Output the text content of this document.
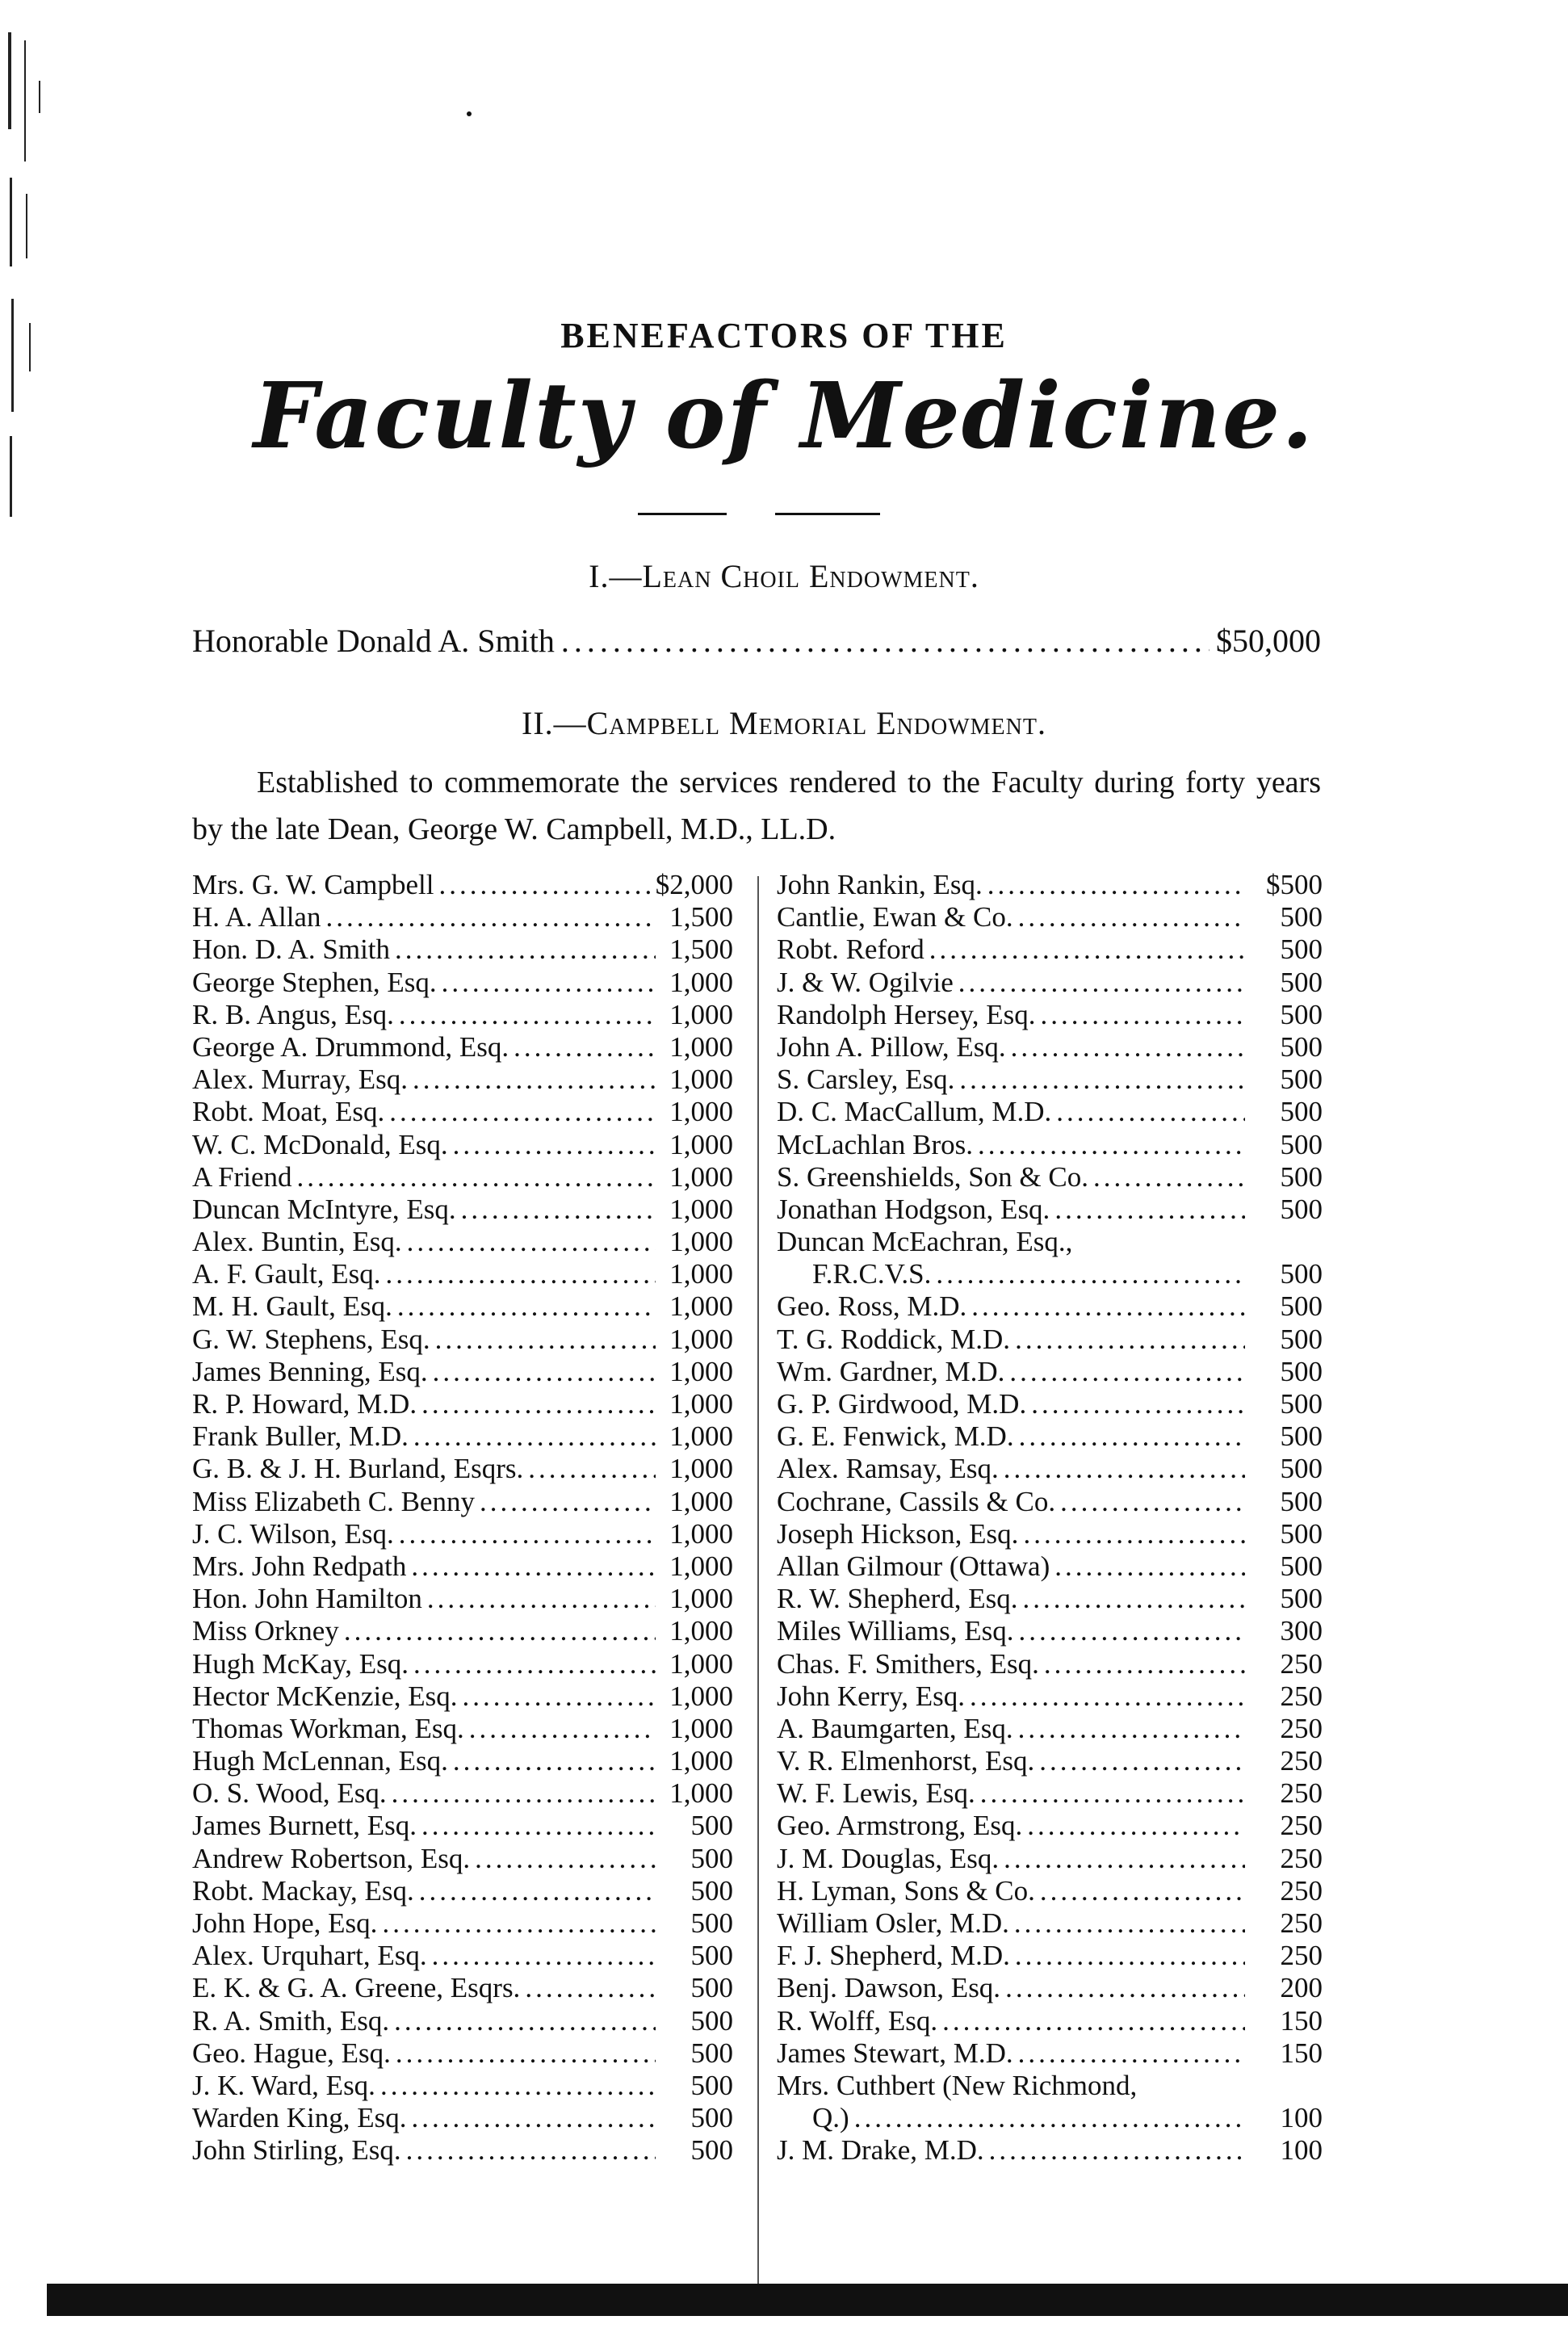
BENEFACTORS OF THE
Faculty of Medicine.
I.—Lean Choil Endowment.
Honorable Donald A. Smith .....	$50,000
II.—Campbell Memorial Endowment.
Established to commemorate the services rendered to the Faculty during forty years by the late Dean, George W. Campbell, M.D., LL.D.
Mrs. G. W. Campbell .....	$2,000
H. A. Allan .....	1,500
Hon. D. A. Smith .....	1,500
George Stephen, Esq. .....	1,000
R. B. Angus, Esq. .....	1,000
George A. Drummond, Esq. .....	1,000
Alex. Murray, Esq. .....	1,000
Robt. Moat, Esq. .....	1,000
W. C. McDonald, Esq. .....	1,000
A Friend .....	1,000
Duncan McIntyre, Esq. .....	1,000
Alex. Buntin, Esq. .....	1,000
A. F. Gault, Esq. .....	1,000
M. H. Gault, Esq. .....	1,000
G. W. Stephens, Esq. .....	1,000
James Benning, Esq. .....	1,000
R. P. Howard, M.D. .....	1,000
Frank Buller, M.D. .....	1,000
G. B. & J. H. Burland, Esqrs. .....	1,000
Miss Elizabeth C. Benny .....	1,000
J. C. Wilson, Esq. .....	1,000
Mrs. John Redpath .....	1,000
Hon. John Hamilton .....	1,000
Miss Orkney .....	1,000
Hugh McKay, Esq. .....	1,000
Hector McKenzie, Esq. .....	1,000
Thomas Workman, Esq. .....	1,000
Hugh McLennan, Esq. .....	1,000
O. S. Wood, Esq. .....	1,000
James Burnett, Esq. .....	500
Andrew Robertson, Esq. .....	500
Robt. Mackay, Esq. .....	500
John Hope, Esq. .....	500
Alex. Urquhart, Esq. .....	500
E. K. & G. A. Greene, Esqrs. .....	500
R. A. Smith, Esq. .....	500
Geo. Hague, Esq. .....	500
J. K. Ward, Esq. .....	500
Warden King, Esq. .....	500
John Stirling, Esq. .....	500
John Rankin, Esq. .....	$500
Cantlie, Ewan & Co. .....	500
Robt. Reford .....	500
J. & W. Ogilvie .....	500
Randolph Hersey, Esq. .....	500
John A. Pillow, Esq. .....	500
S. Carsley, Esq. .....	500
D. C. MacCallum, M.D. .....	500
McLachlan Bros. .....	500
S. Greenshields, Son & Co. .....	500
Jonathan Hodgson, Esq. .....	500
Duncan McEachran, Esq.,
F.R.C.V.S. .....	500
Geo. Ross, M.D. .....	500
T. G. Roddick, M.D. .....	500
Wm. Gardner, M.D. .....	500
G. P. Girdwood, M.D. .....	500
G. E. Fenwick, M.D. .....	500
Alex. Ramsay, Esq. .....	500
Cochrane, Cassils & Co. .....	500
Joseph Hickson, Esq. .....	500
Allan Gilmour (Ottawa) .....	500
R. W. Shepherd, Esq. .....	500
Miles Williams, Esq. .....	300
Chas. F. Smithers, Esq. .....	250
John Kerry, Esq. .....	250
A. Baumgarten, Esq. .....	250
V. R. Elmenhorst, Esq. .....	250
W. F. Lewis, Esq. .....	250
Geo. Armstrong, Esq. .....	250
J. M. Douglas, Esq. .....	250
H. Lyman, Sons & Co. .....	250
William Osler, M.D. .....	250
F. J. Shepherd, M.D. .....	250
Benj. Dawson, Esq. .....	200
R. Wolff, Esq. .....	150
James Stewart, M.D. .....	150
Mrs. Cuthbert (New Richmond,
Q.) .....	100
J. M. Drake, M.D. .....	100
